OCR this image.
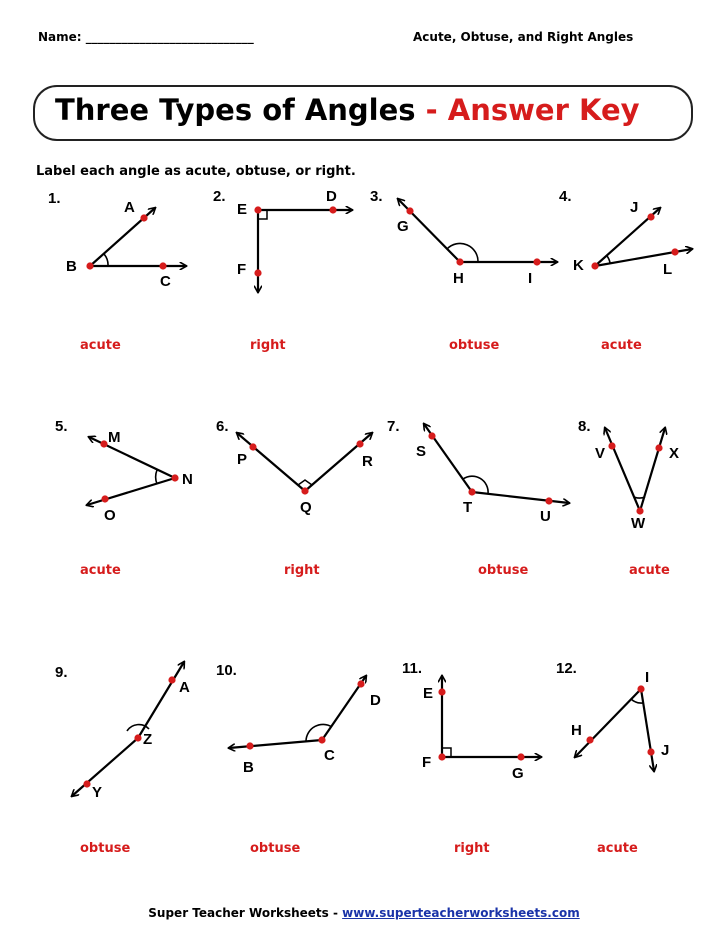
Name: ____________________________	Acute, Obtuse, and Right Angles
Three Types of Angles - Answer Key
Label each angle as acute, obtuse, or right.
1.
A
B
C
2.
E
D
F
3.
G
H	I
4.
J
K	L
5.
M
N
O
6.
P
Q
R
7.
S
T
U
8.
V
W
X
9.
A
Z
Y
10.
D
C
B
11.
E
F
G
12.
I
H
J
acute	right	obtuse	acute
acute	right	obtuse	acute
obtuse	obtuse	right	acute
Super Teacher Worksheets - www.superteacherworksheets.com
